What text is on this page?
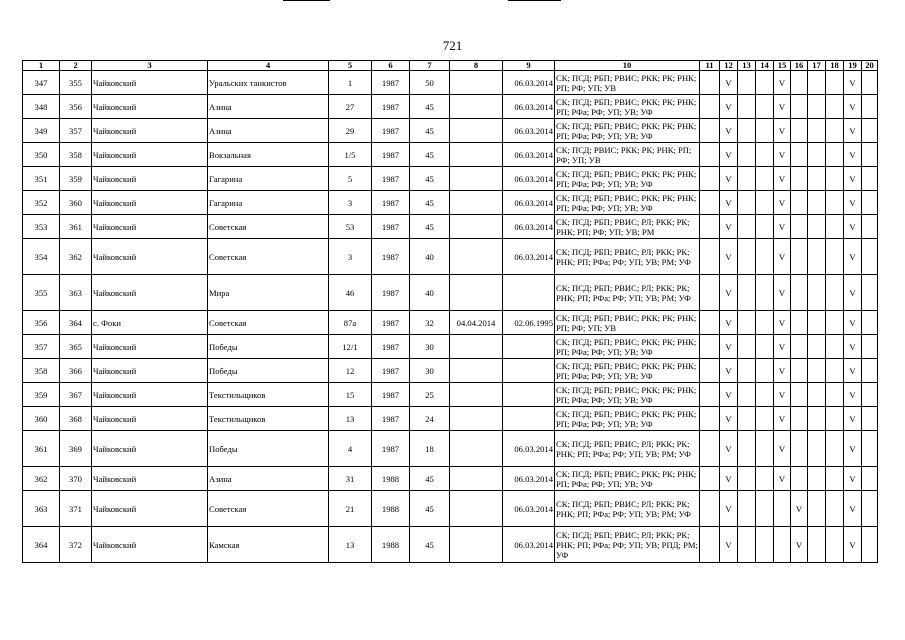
721
1	2	3	4	5	6	7	8	9	10	11	12	13	14	15	16	17	18	19	20
347	355	Чайковский	Уральских танкистов	1	1987	50		06.03.2014	СК; ПСД; РБП; РВИС; РКК; РК; РНК; РП; РФ; УП; УВ		V			V				V	
348	356	Чайковский	Азина	27	1987	45		06.03.2014	СК; ПСД; РБП; РВИС; РКК; РК; РНК; РП; РФа; РФ; УП; УВ; УФ		V			V				V	
349	357	Чайковский	Азина	29	1987	45		06.03.2014	СК; ПСД; РБП; РВИС; РКК; РК; РНК; РП; РФа; РФ; УП; УВ; УФ		V			V				V	
350	358	Чайковский	Вокзальная	1/5	1987	45		06.03.2014	СК; ПСД; РВИС; РКК; РК; РНК; РП; РФ; УП; УВ		V			V				V	
351	359	Чайковский	Гагарина	5	1987	45		06.03.2014	СК; ПСД; РБП; РВИС; РКК; РК; РНК; РП; РФа; РФ; УП; УВ; УФ		V			V				V	
352	360	Чайковский	Гагарина	3	1987	45		06.03.2014	СК; ПСД; РБП; РВИС; РКК; РК; РНК; РП; РФа; РФ; УП; УВ; УФ		V			V				V	
353	361	Чайковский	Советская	53	1987	45		06.03.2014	СК; ПСД; РБП; РВИС; РЛ; РКК; РК; РНК; РП; РФ; УП; УВ; РМ		V			V				V	
354	362	Чайковский	Советская	3	1987	40		06.03.2014	СК; ПСД; РБП; РВИС; РЛ; РКК; РК; РНК; РП; РФа; РФ; УП; УВ; РМ; УФ		V			V				V	
355	363	Чайковский	Мира	46	1987	40			СК; ПСД; РБП; РВИС; РЛ; РКК; РК; РНК; РП; РФа; РФ; УП; УВ; РМ; УФ		V			V				V	
356	364	с. Фоки	Советская	87а	1987	32	04.04.2014	02.06.1995	СК; ПСД; РБП; РВИС; РКК; РК; РНК; РП; РФ; УП; УВ		V			V				V	
357	365	Чайковский	Победы	12/1	1987	30			СК; ПСД; РБП; РВИС; РКК; РК; РНК; РП; РФа; РФ; УП; УВ; УФ		V			V				V	
358	366	Чайковский	Победы	12	1987	30			СК; ПСД; РБП; РВИС; РКК; РК; РНК; РП; РФа; РФ; УП; УВ; УФ		V			V				V	
359	367	Чайковский	Текстильщиков	15	1987	25			СК; ПСД; РБП; РВИС; РКК; РК; РНК; РП; РФа; РФ; УП; УВ; УФ		V			V				V	
360	368	Чайковский	Текстильщиков	13	1987	24			СК; ПСД; РБП; РВИС; РКК; РК; РНК; РП; РФа; РФ; УП; УВ; УФ		V			V				V	
361	369	Чайковский	Победы	4	1987	18		06.03.2014	СК; ПСД; РБП; РВИС; РЛ; РКК; РК; РНК; РП; РФа; РФ; УП; УВ; РМ; УФ		V			V				V	
362	370	Чайковский	Азина	31	1988	45		06.03.2014	СК; ПСД; РБП; РВИС; РКК; РК; РНК; РП; РФа; РФ; УП; УВ; УФ		V			V				V	
363	371	Чайковский	Советская	21	1988	45		06.03.2014	СК; ПСД; РБП; РВИС; РЛ; РКК; РК; РНК; РП; РФа; РФ; УП; УВ; РМ; УФ		V				V			V	
364	372	Чайковский	Камская	13	1988	45		06.03.2014	СК; ПСД; РБП; РВИС; РЛ; РКК; РК; РНК; РП; РФа; РФ; УП; УВ; РПД; РМ; УФ		V				V			V	
